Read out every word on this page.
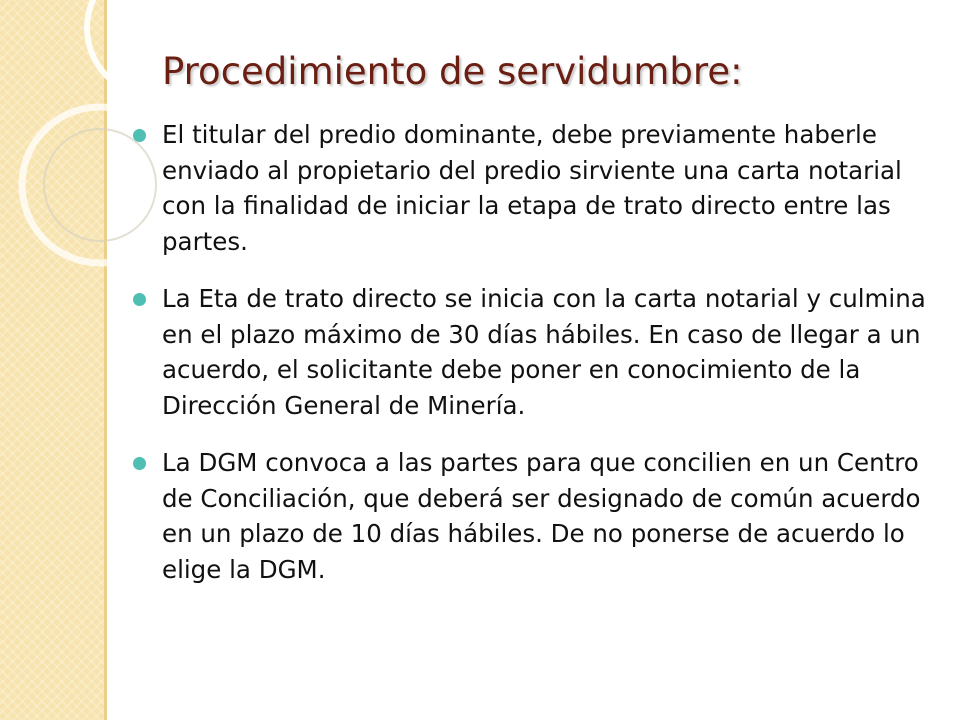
Procedimiento de servidumbre:
El titular del predio dominante, debe previamente haberle enviado al propietario del predio sirviente una carta notarial con la finalidad de iniciar la etapa de trato directo entre las partes.
La Eta de trato directo se inicia con la carta notarial y culmina en el plazo máximo de 30 días hábiles. En caso de llegar a un acuerdo, el solicitante debe poner en conocimiento de la Dirección General de Minería.
La DGM convoca a las partes para que concilien en un Centro de Conciliación, que deberá ser designado de común acuerdo en un plazo de 10 días hábiles. De no ponerse de acuerdo lo elige la DGM.
